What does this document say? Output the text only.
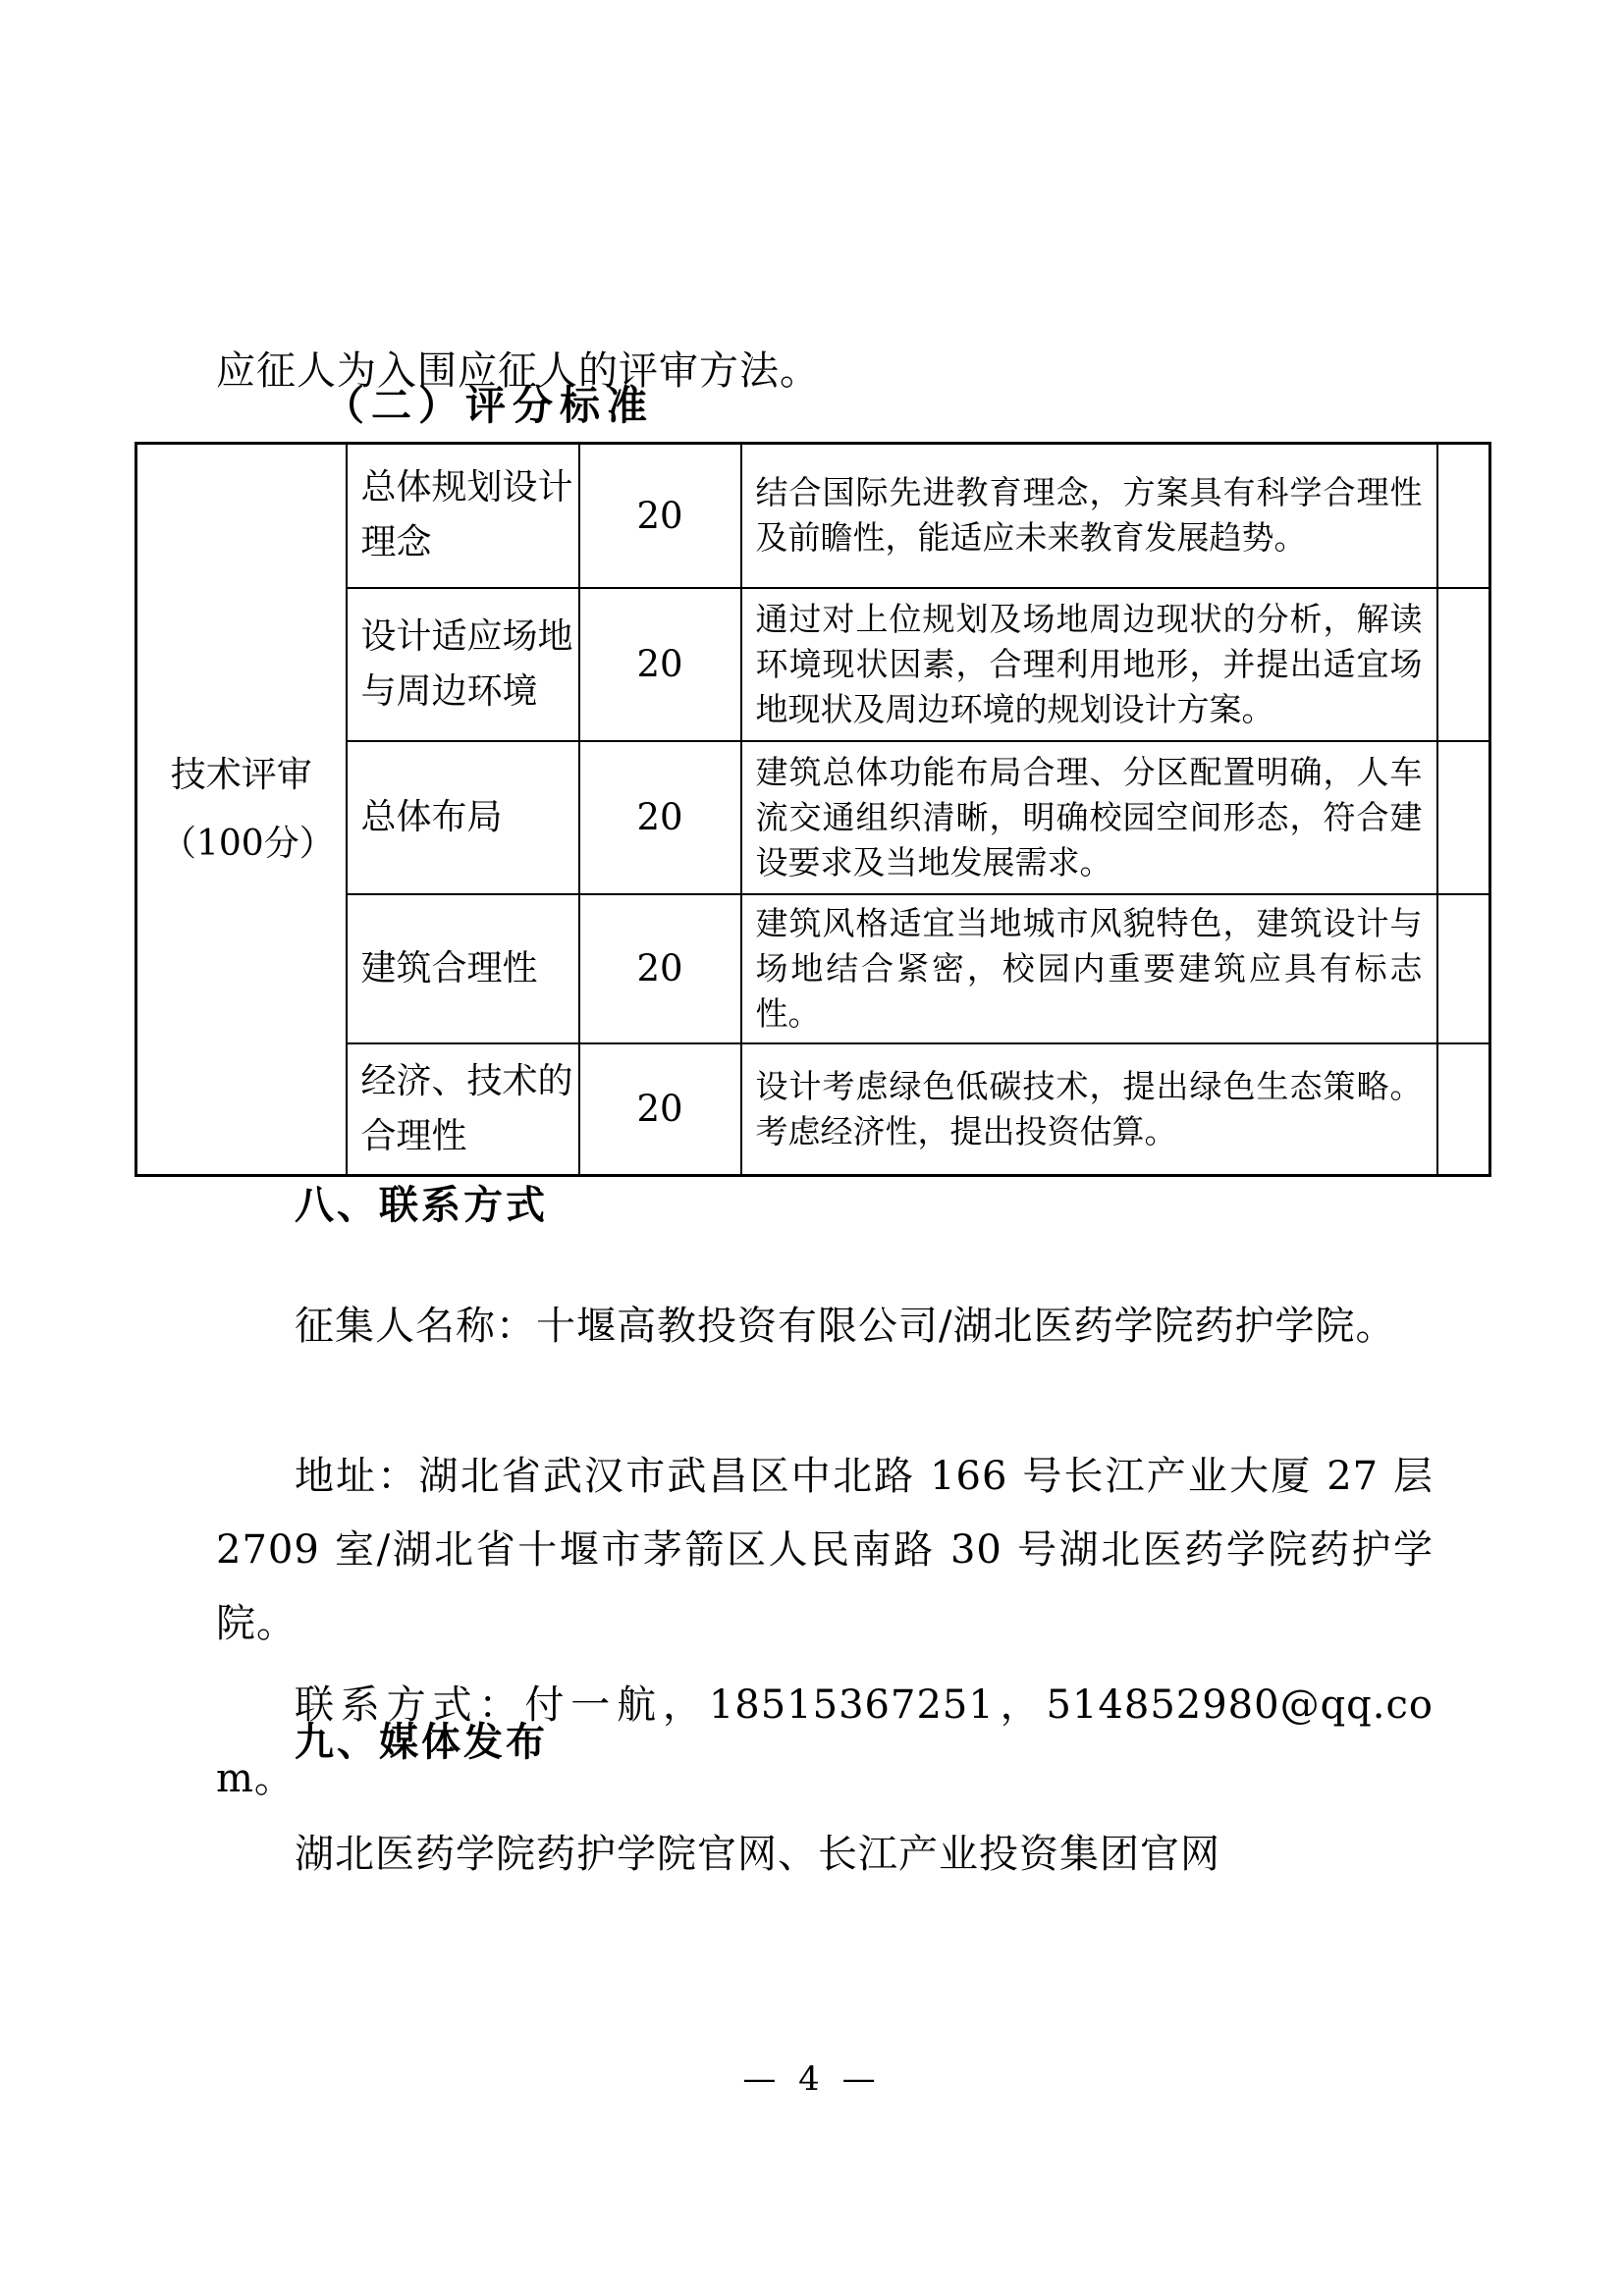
应征人为入围应征人的评审方法。

（二）评分标准
技术评审（100分）	总体规划设计理念	20	结合国际先进教育理念，方案具有科学合理性及前瞻性，能适应未来教育发展趋势。	
	设计适应场地与周边环境	20	通过对上位规划及场地周边现状的分析，解读环境现状因素，合理利用地形，并提出适宜场地现状及周边环境的规划设计方案。	
	总体布局	20	建筑总体功能布局合理、分区配置明确，人车流交通组织清晰，明确校园空间形态，符合建设要求及当地发展需求。	
	建筑合理性	20	建筑风格适宜当地城市风貌特色，建筑设计与场地结合紧密，校园内重要建筑应具有标志性。	
	经济、技术的合理性	20	设计考虑绿色低碳技术，提出绿色生态策略。考虑经济性，提出投资估算。	
八、联系方式

征集人名称：十堰高教投资有限公司/湖北医药学院药护学院。

地址：湖北省武汉市武昌区中北路 166 号长江产业大厦 27 层 2709 室/湖北省十堰市茅箭区人民南路 30 号湖北医药学院药护学院。

联系方式：付一航，18515367251，514852980@qq.com。

九、媒体发布

湖北医药学院药护学院官网、长江产业投资集团官网

— 4 —
